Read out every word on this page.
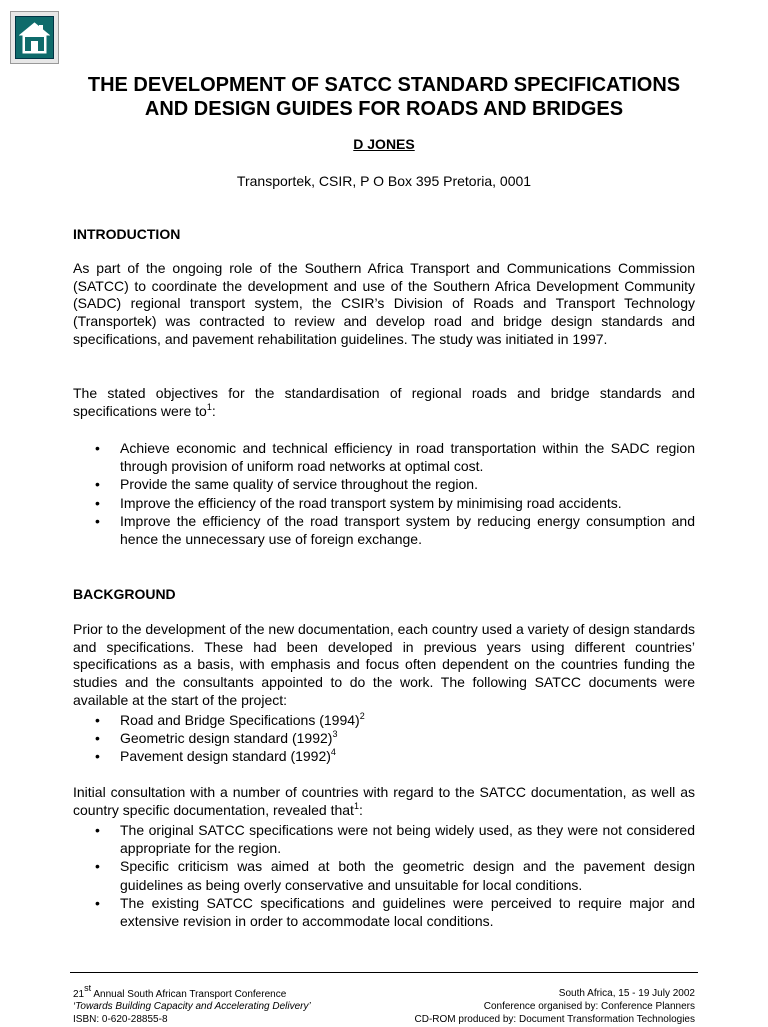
THE DEVELOPMENT OF SATCC STANDARD SPECIFICATIONS
AND DESIGN GUIDES FOR ROADS AND BRIDGES
D JONES
Transportek, CSIR, P O Box 395 Pretoria, 0001
INTRODUCTION
As part of the ongoing role of the Southern Africa Transport and Communications Commission (SATCC) to coordinate the development and use of the Southern Africa Development Community (SADC) regional transport system, the CSIR’s Division of Roads and Transport Technology (Transportek) was contracted to review and develop road and bridge design standards and specifications, and pavement rehabilitation guidelines. The study was initiated in 1997.
The stated objectives for the standardisation of regional roads and bridge standards and specifications were $to^1$:
• Achieve economic and technical efficiency in road transportation within the SADC region through provision of uniform road networks at optimal cost.
• Provide the same quality of service throughout the region.
• Improve the efficiency of the road transport system by minimising road accidents.
• Improve the efficiency of the road transport system by reducing energy consumption and hence the unnecessary use of foreign exchange.
BACKGROUND
Prior to the development of the new documentation, each country used a variety of design standards and specifications. These had been developed in previous years using different countries’ specifications as a basis, with emphasis and focus often dependent on the countries funding the studies and the consultants appointed to do the work. The following SATCC documents were available at the start of the project:
• Road and Bridge Specifications $(1994)^2$
• Geometric design standard $(1992)^3$
• Pavement design standard $(1992)^4$
Initial consultation with a number of countries with regard to the SATCC documentation, as well as country specific documentation, revealed that$^1$:
• The original SATCC specifications were not being widely used, as they were not considered appropriate for the region.
• Specific criticism was aimed at both the geometric design and the pavement design guidelines as being overly conservative and unsuitable for local conditions.
• The existing SATCC specifications and guidelines were perceived to require major and extensive revision in order to accommodate local conditions.
21st Annual South African Transport Conference
‘Towards Building Capacity and Accelerating Delivery’
ISBN: 0-620-28855-8
South Africa, 15 - 19 July 2002
Conference organised by: Conference Planners
CD-ROM produced by: Document Transformation Technologies
